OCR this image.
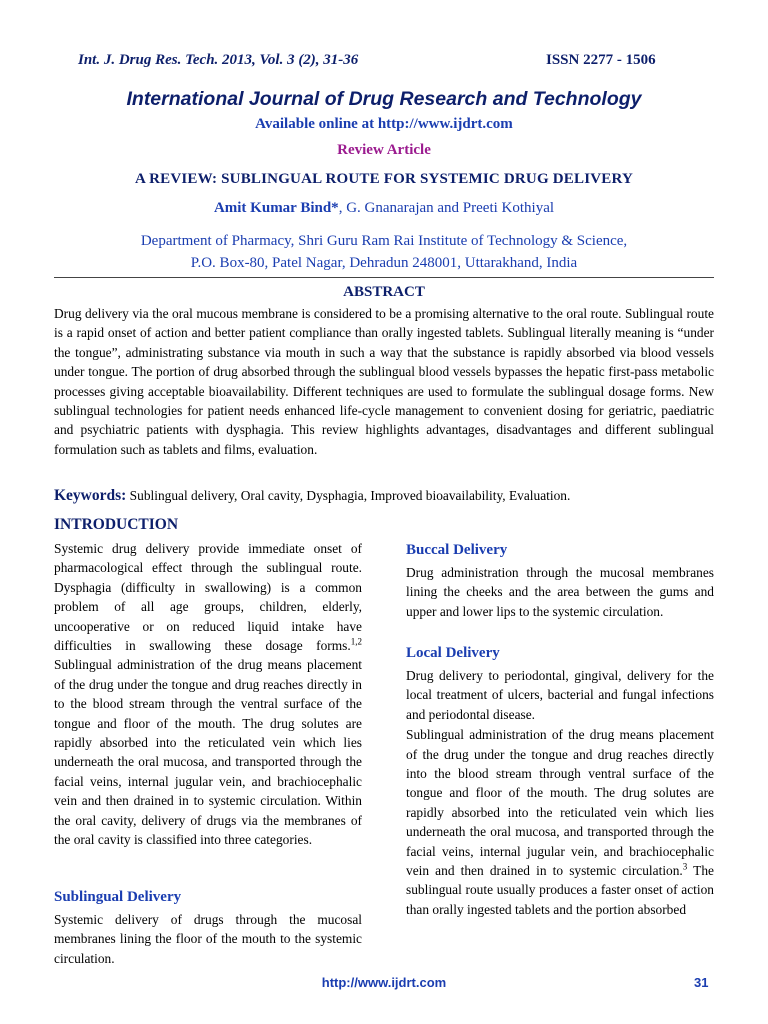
Int. J. Drug Res. Tech. 2013, Vol. 3 (2), 31-36	ISSN 2277 - 1506
International Journal of Drug Research and Technology
Available online at http://www.ijdrt.com
Review Article
A REVIEW: SUBLINGUAL ROUTE FOR SYSTEMIC DRUG DELIVERY
Amit Kumar Bind*, G. Gnanarajan and Preeti Kothiyal
Department of Pharmacy, Shri Guru Ram Rai Institute of Technology & Science,
P.O. Box-80, Patel Nagar, Dehradun 248001, Uttarakhand, India
ABSTRACT

Drug delivery via the oral mucous membrane is considered to be a promising alternative to the oral route. Sublingual route is a rapid onset of action and better patient compliance than orally ingested tablets. Sublingual literally meaning is “under the tongue”, administrating substance via mouth in such a way that the substance is rapidly absorbed via blood vessels under tongue. The portion of drug absorbed through the sublingual blood vessels bypasses the hepatic first-pass metabolic processes giving acceptable bioavailability. Different techniques are used to formulate the sublingual dosage forms. New sublingual technologies for patient needs enhanced life-cycle management to convenient dosing for geriatric, paediatric and psychiatric patients with dysphagia. This review highlights advantages, disadvantages and different sublingual formulation such as tablets and films, evaluation.

Keywords: Sublingual delivery, Oral cavity, Dysphagia, Improved bioavailability, Evaluation.
INTRODUCTION

Systemic drug delivery provide immediate onset of pharmacological effect through the sublingual route. Dysphagia (difficulty in swallowing) is a common problem of all age groups, children, elderly, uncooperative or on reduced liquid intake have difficulties in swallowing these dosage forms.$^{1,2}$ Sublingual administration of the drug means placement of the drug under the tongue and drug reaches directly in to the blood stream through the ventral surface of the tongue and floor of the mouth. The drug solutes are rapidly absorbed into the reticulated vein which lies underneath the oral mucosa, and transported through the facial veins, internal jugular vein, and brachiocephalic vein and then drained in to systemic circulation. Within the oral cavity, delivery of drugs via the membranes of the oral cavity is classified into three categories.

Sublingual Delivery

Systemic delivery of drugs through the mucosal membranes lining the floor of the mouth to the systemic circulation.

Buccal Delivery

Drug administration through the mucosal membranes lining the cheeks and the area between the gums and upper and lower lips to the systemic circulation.

Local Delivery

Drug delivery to periodontal, gingival, delivery for the local treatment of ulcers, bacterial and fungal infections and periodontal disease.

Sublingual administration of the drug means placement of the drug under the tongue and drug reaches directly into the blood stream through ventral surface of the tongue and floor of the mouth. The drug solutes are rapidly absorbed into the reticulated vein which lies underneath the oral mucosa, and transported through the facial veins, internal jugular vein, and brachiocephalic vein and then drained in to systemic circulation.$^3$ The sublingual route usually produces a faster onset of action than orally ingested tablets and the portion absorbed

http://www.ijdrt.com	31
